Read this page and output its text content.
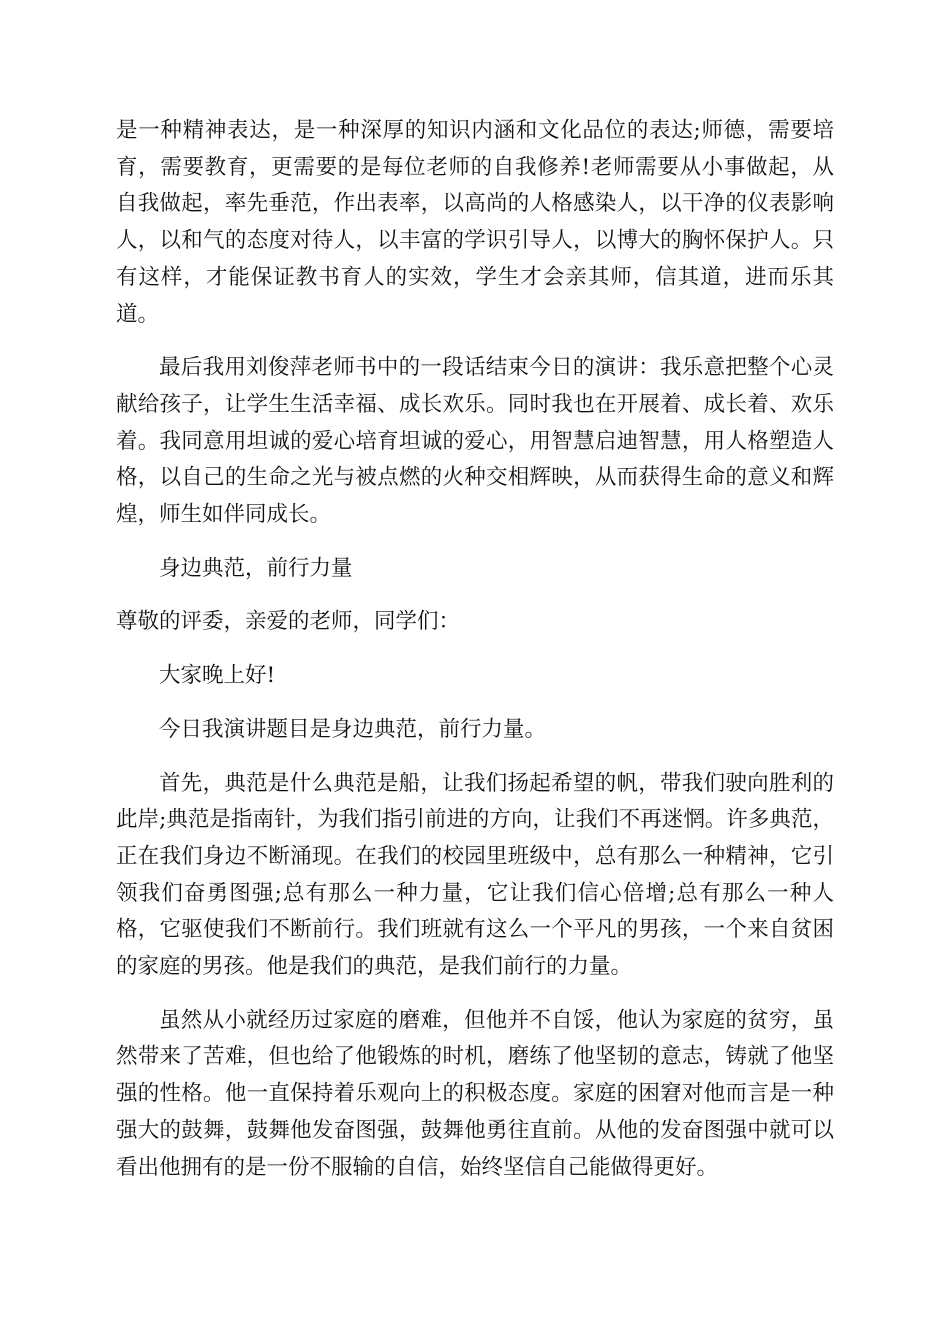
是一种精神表达，是一种深厚的知识内涵和文化品位的表达;师德，需要培育，需要教育，更需要的是每位老师的自我修养!老师需要从小事做起，从自我做起，率先垂范，作出表率，以高尚的人格感染人，以干净的仪表影响人，以和气的态度对待人，以丰富的学识引导人，以博大的胸怀保护人。只有这样，才能保证教书育人的实效，学生才会亲其师，信其道，进而乐其道。

最后我用刘俊萍老师书中的一段话结束今日的演讲：我乐意把整个心灵献给孩子，让学生生活幸福、成长欢乐。同时我也在开展着、成长着、欢乐着。我同意用坦诚的爱心培育坦诚的爱心，用智慧启迪智慧，用人格塑造人格，以自己的生命之光与被点燃的火种交相辉映，从而获得生命的意义和辉煌，师生如伴同成长。

身边典范，前行力量

尊敬的评委，亲爱的老师，同学们：

大家晚上好!

今日我演讲题目是身边典范，前行力量。

首先，典范是什么典范是船，让我们扬起希望的帆，带我们驶向胜利的此岸;典范是指南针，为我们指引前进的方向，让我们不再迷惘。许多典范，正在我们身边不断涌现。在我们的校园里班级中，总有那么一种精神，它引领我们奋勇图强;总有那么一种力量，它让我们信心倍增;总有那么一种人格，它驱使我们不断前行。我们班就有这么一个平凡的男孩，一个来自贫困的家庭的男孩。他是我们的典范，是我们前行的力量。

虽然从小就经历过家庭的磨难，但他并不自馁，他认为家庭的贫穷，虽然带来了苦难，但也给了他锻炼的时机，磨练了他坚韧的意志，铸就了他坚强的性格。他一直保持着乐观向上的积极态度。家庭的困窘对他而言是一种强大的鼓舞，鼓舞他发奋图强，鼓舞他勇往直前。从他的发奋图强中就可以看出他拥有的是一份不服输的自信，始终坚信自己能做得更好。
